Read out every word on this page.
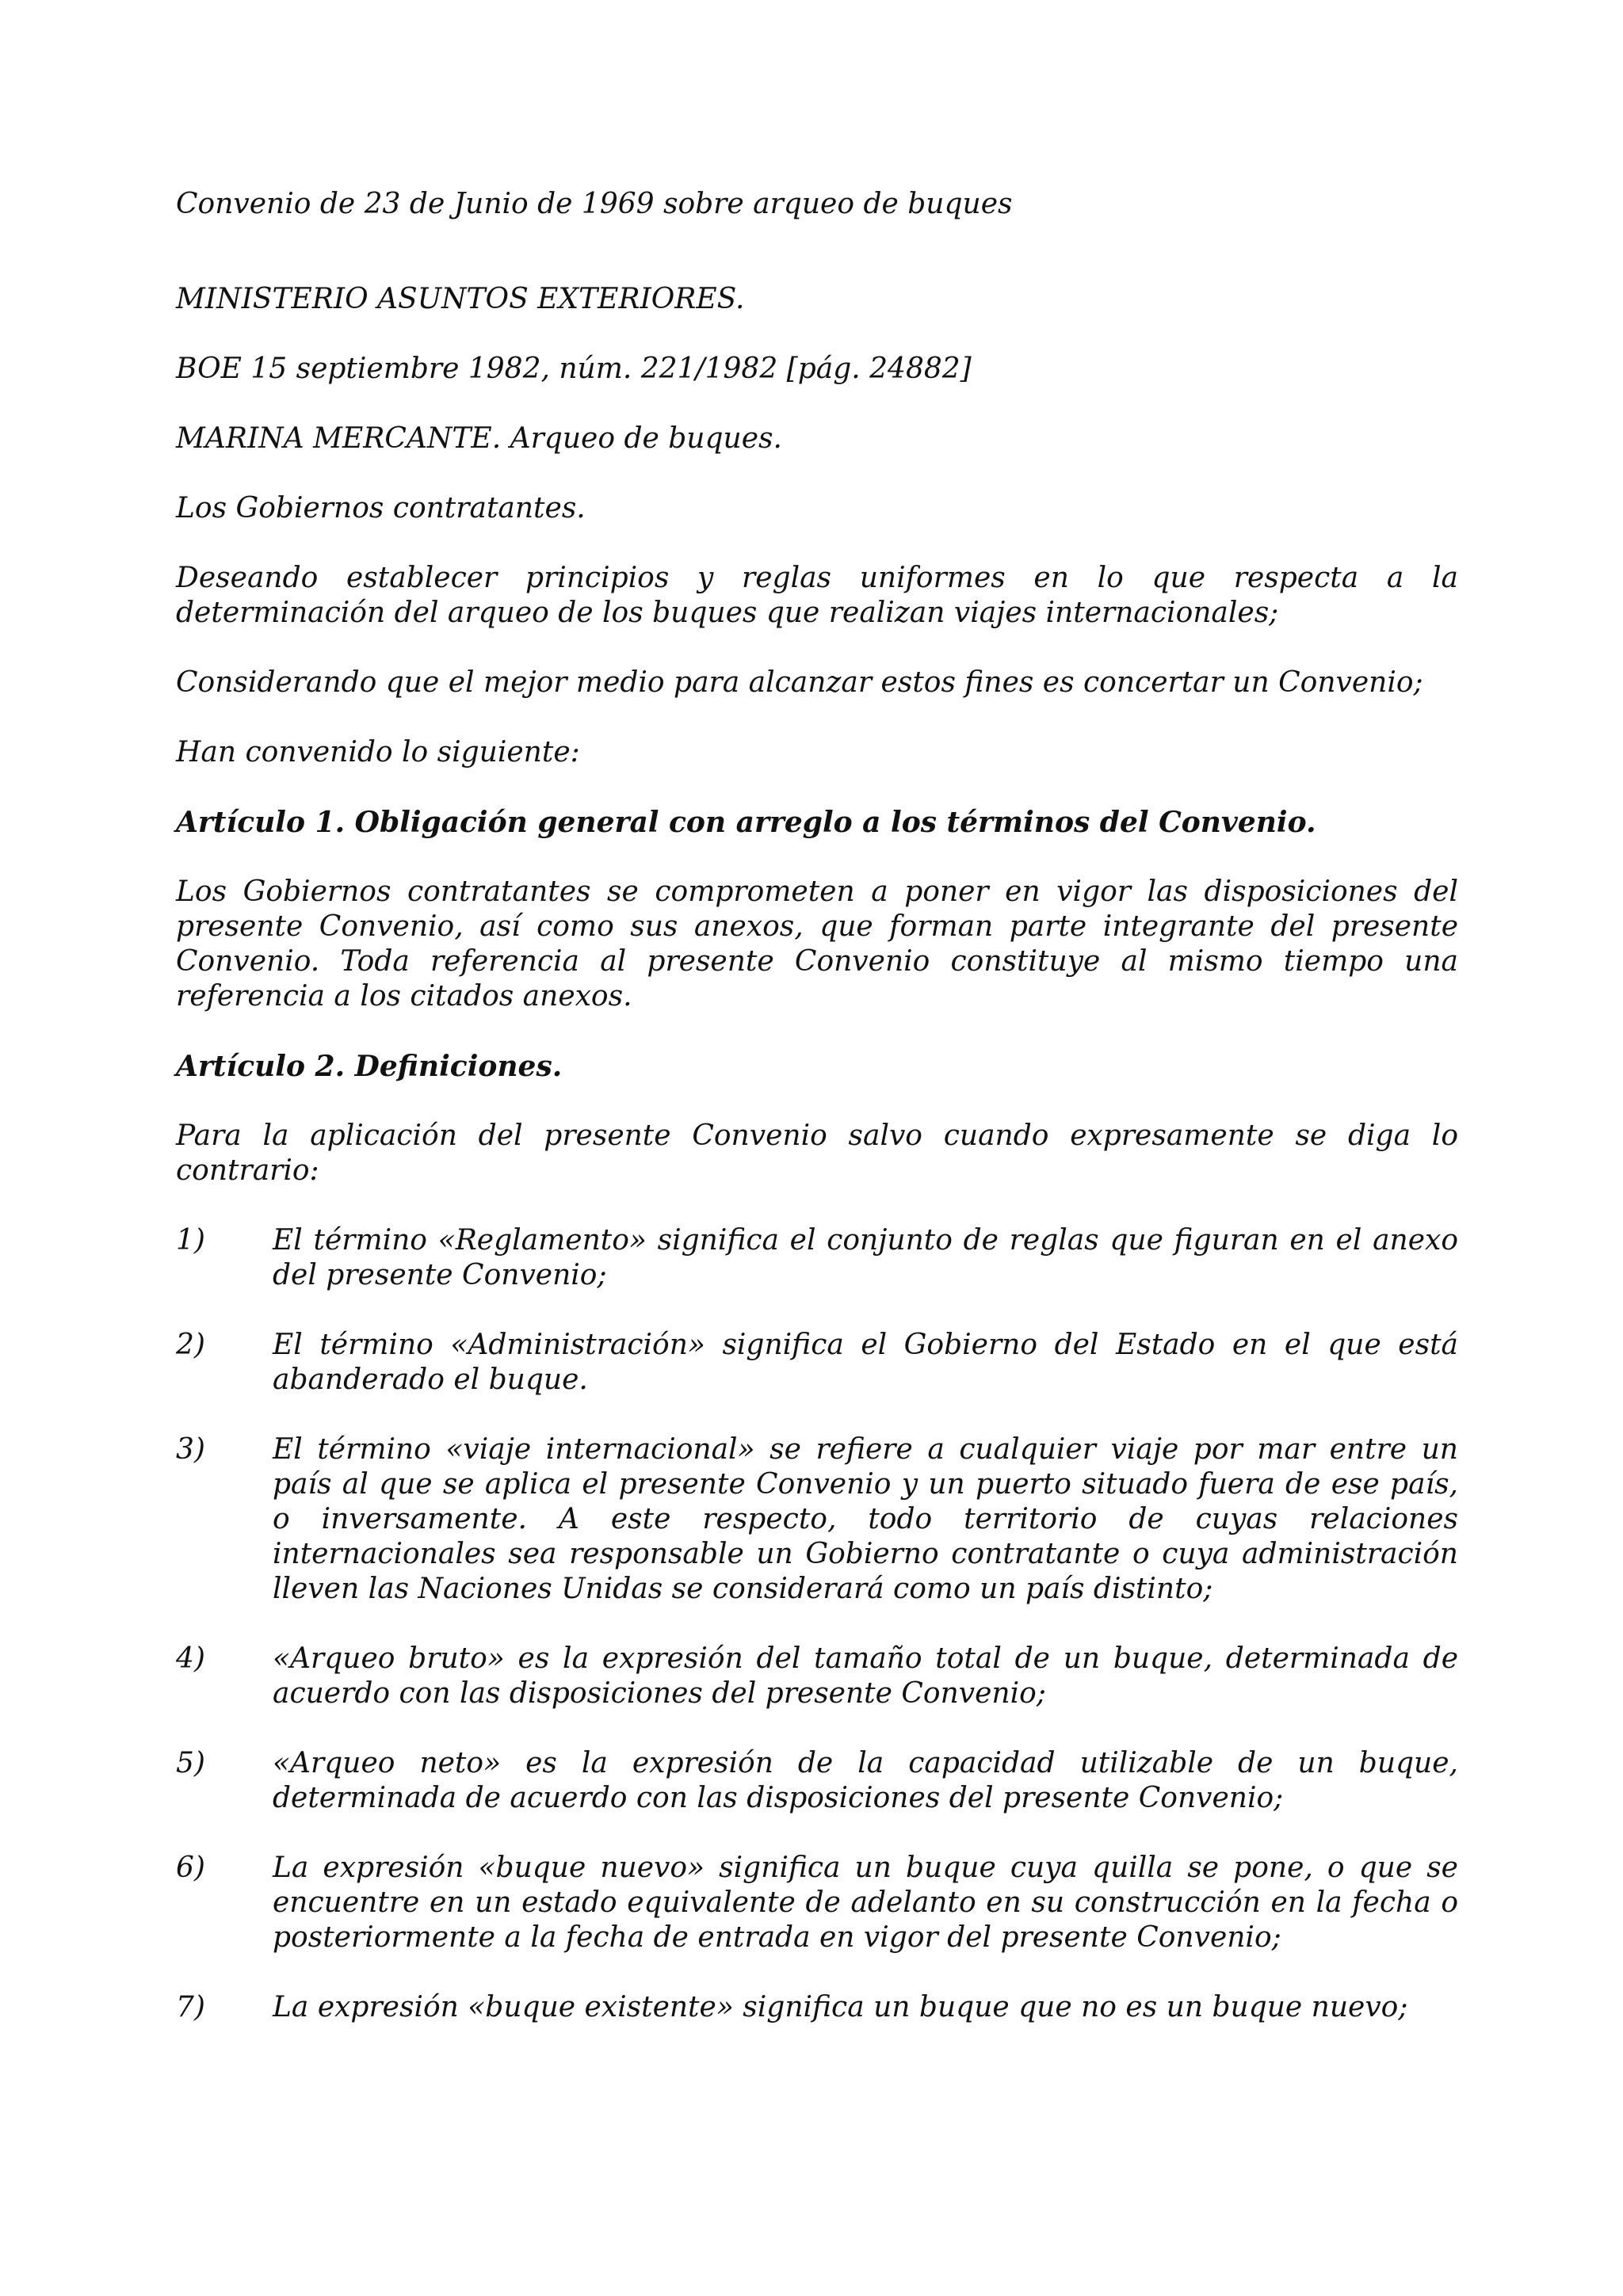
Convenio de 23 de Junio de 1969 sobre arqueo de buques

MINISTERIO ASUNTOS EXTERIORES.

BOE 15 septiembre 1982, núm. 221/1982 [pág. 24882]

MARINA MERCANTE. Arqueo de buques.

Los Gobiernos contratantes.

Deseando establecer principios y reglas uniformes en lo que respecta a la determinación del arqueo de los buques que realizan viajes internacionales;

Considerando que el mejor medio para alcanzar estos fines es concertar un Convenio;

Han convenido lo siguiente:

Artículo 1. Obligación general con arreglo a los términos del Convenio.

Los Gobiernos contratantes se comprometen a poner en vigor las disposiciones del presente Convenio, así como sus anexos, que forman parte integrante del presente Convenio. Toda referencia al presente Convenio constituye al mismo tiempo una referencia a los citados anexos.

Artículo 2. Definiciones.

Para la aplicación del presente Convenio salvo cuando expresamente se diga lo contrario:

1)	El término «Reglamento» significa el conjunto de reglas que figuran en el anexo del presente Convenio;
2)	El término «Administración» significa el Gobierno del Estado en el que está abanderado el buque.
3)	El término «viaje internacional» se refiere a cualquier viaje por mar entre un país al que se aplica el presente Convenio y un puerto situado fuera de ese país, o inversamente. A este respecto, todo territorio de cuyas relaciones internacionales sea responsable un Gobierno contratante o cuya administración lleven las Naciones Unidas se considerará como un país distinto;
4)	«Arqueo bruto» es la expresión del tamaño total de un buque, determinada de acuerdo con las disposiciones del presente Convenio;
5)	«Arqueo neto» es la expresión de la capacidad utilizable de un buque, determinada de acuerdo con las disposiciones del presente Convenio;
6)	La expresión «buque nuevo» significa un buque cuya quilla se pone, o que se encuentre en un estado equivalente de adelanto en su construcción en la fecha o posteriormente a la fecha de entrada en vigor del presente Convenio;
7)	La expresión «buque existente» significa un buque que no es un buque nuevo;
